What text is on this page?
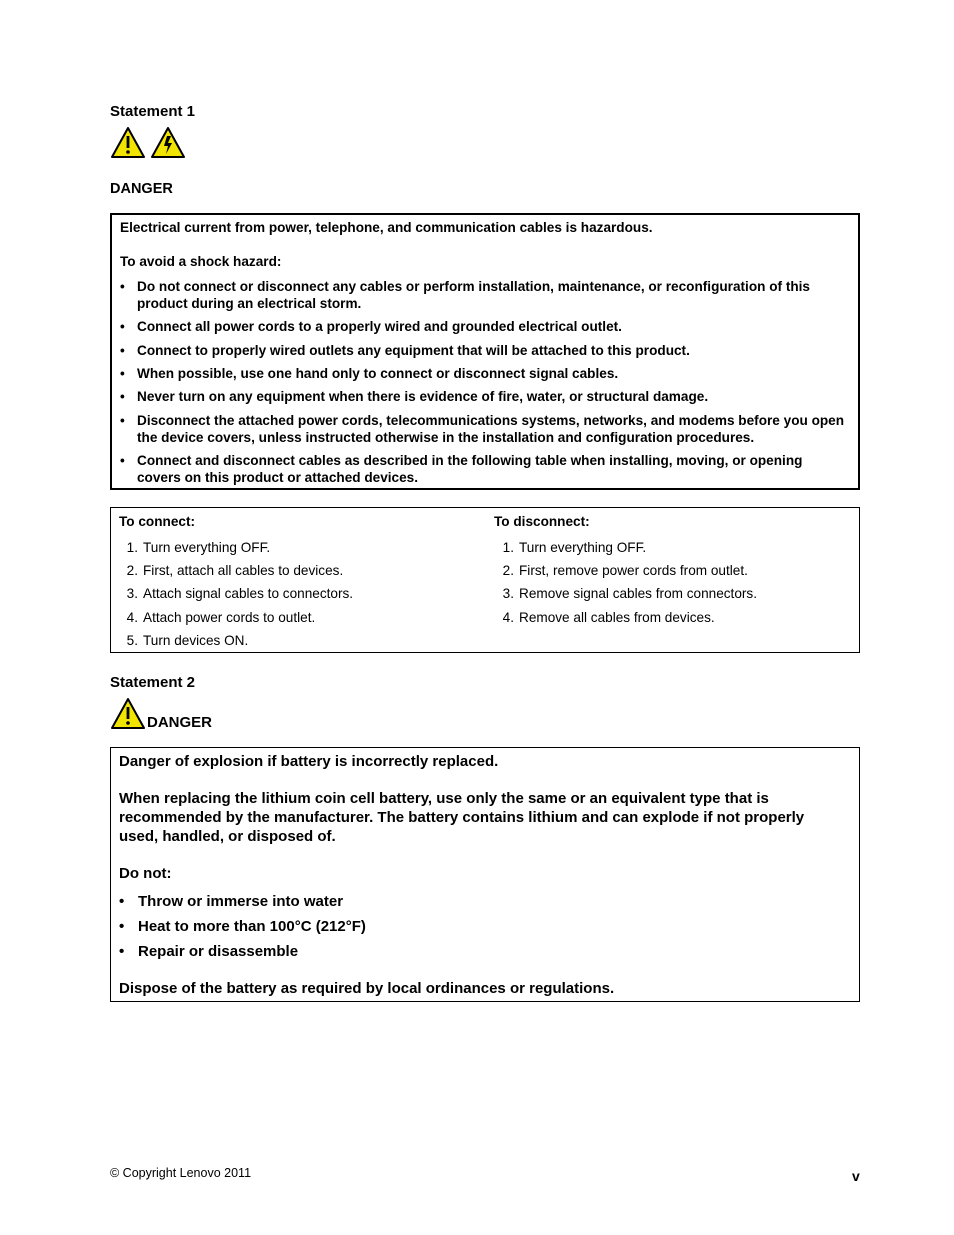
Statement 1
DANGER
Electrical current from power, telephone, and communication cables is hazardous.
To avoid a shock hazard:
• Do not connect or disconnect any cables or perform installation, maintenance, or reconfiguration of this product during an electrical storm.
• Connect all power cords to a properly wired and grounded electrical outlet.
• Connect to properly wired outlets any equipment that will be attached to this product.
• When possible, use one hand only to connect or disconnect signal cables.
• Never turn on any equipment when there is evidence of fire, water, or structural damage.
• Disconnect the attached power cords, telecommunications systems, networks, and modems before you open the device covers, unless instructed otherwise in the installation and configuration procedures.
• Connect and disconnect cables as described in the following table when installing, moving, or opening covers on this product or attached devices.
To connect:	To disconnect:
1. Turn everything OFF.
2. First, attach all cables to devices.
3. Attach signal cables to connectors.
4. Attach power cords to outlet.
5. Turn devices ON.
1. Turn everything OFF.
2. First, remove power cords from outlet.
3. Remove signal cables from connectors.
4. Remove all cables from devices.
Statement 2
DANGER
Danger of explosion if battery is incorrectly replaced.
When replacing the lithium coin cell battery, use only the same or an equivalent type that is recommended by the manufacturer. The battery contains lithium and can explode if not properly used, handled, or disposed of.
Do not:
• Throw or immerse into water
• Heat to more than 100°C (212°F)
• Repair or disassemble
Dispose of the battery as required by local ordinances or regulations.
© Copyright Lenovo 2011	v
